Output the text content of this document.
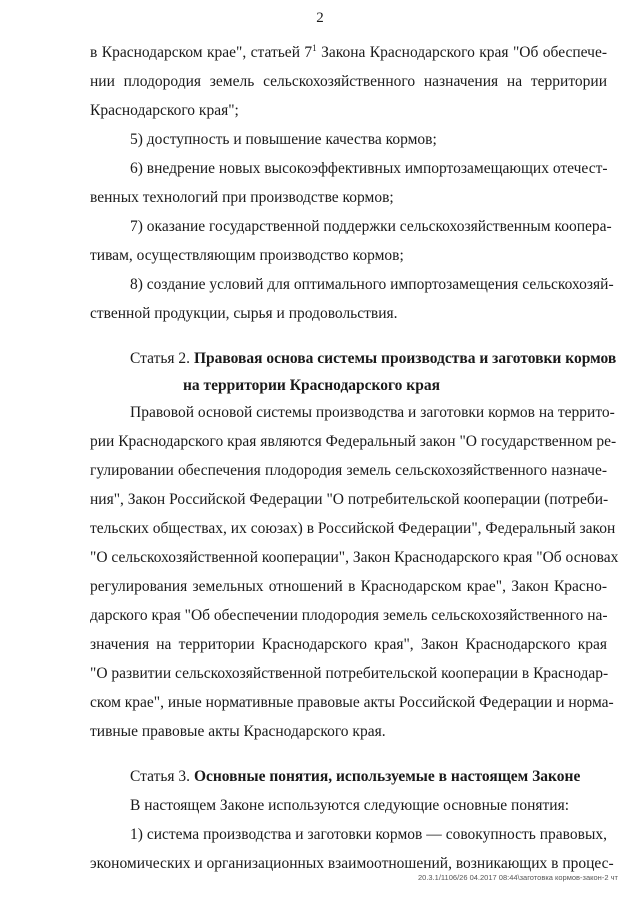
2

в Краснодарском крае", статьей $7^1$ Закона Краснодарского края "Об обеспече-

нии плодородия земель сельскохозяйственного назначения на территории

Краснодарского края";

5) доступность и повышение качества кормов;

6) внедрение новых высокоэффективных импортозамещающих отечест-

венных технологий при производстве кормов;

7) оказание государственной поддержки сельскохозяйственным коопера-

тивам, осуществляющим производство кормов;

8) создание условий для оптимального импортозамещения сельскохозяй-

ственной продукции, сырья и продовольствия.

Статья 2. Правовая основа системы производства и заготовки кормов

на территории Краснодарского края

Правовой основой системы производства и заготовки кормов на террито-

рии Краснодарского края являются Федеральный закон "О государственном ре-

гулировании обеспечения плодородия земель сельскохозяйственного назначе-

ния", Закон Российской Федерации "О потребительской кооперации (потреби-

тельских обществах, их союзах) в Российской Федерации", Федеральный закон

"О сельскохозяйственной кооперации", Закон Краснодарского края "Об основах

регулирования земельных отношений в Краснодарском крае", Закон Красно-

дарского края "Об обеспечении плодородия земель сельскохозяйственного на-

значения на территории Краснодарского края", Закон Краснодарского края

"О развитии сельскохозяйственной потребительской кооперации в Краснодар-

ском крае", иные нормативные правовые акты Российской Федерации и норма-

тивные правовые акты Краснодарского края.

Статья 3. Основные понятия, используемые в настоящем Законе

В настоящем Законе используются следующие основные понятия:

1) система производства и заготовки кормов — совокупность правовых,

экономических и организационных взаимоотношений, возникающих в процес-

20.3.1/1106/26 04.2017 08:44\заготовка кормов-закон-2 чт
